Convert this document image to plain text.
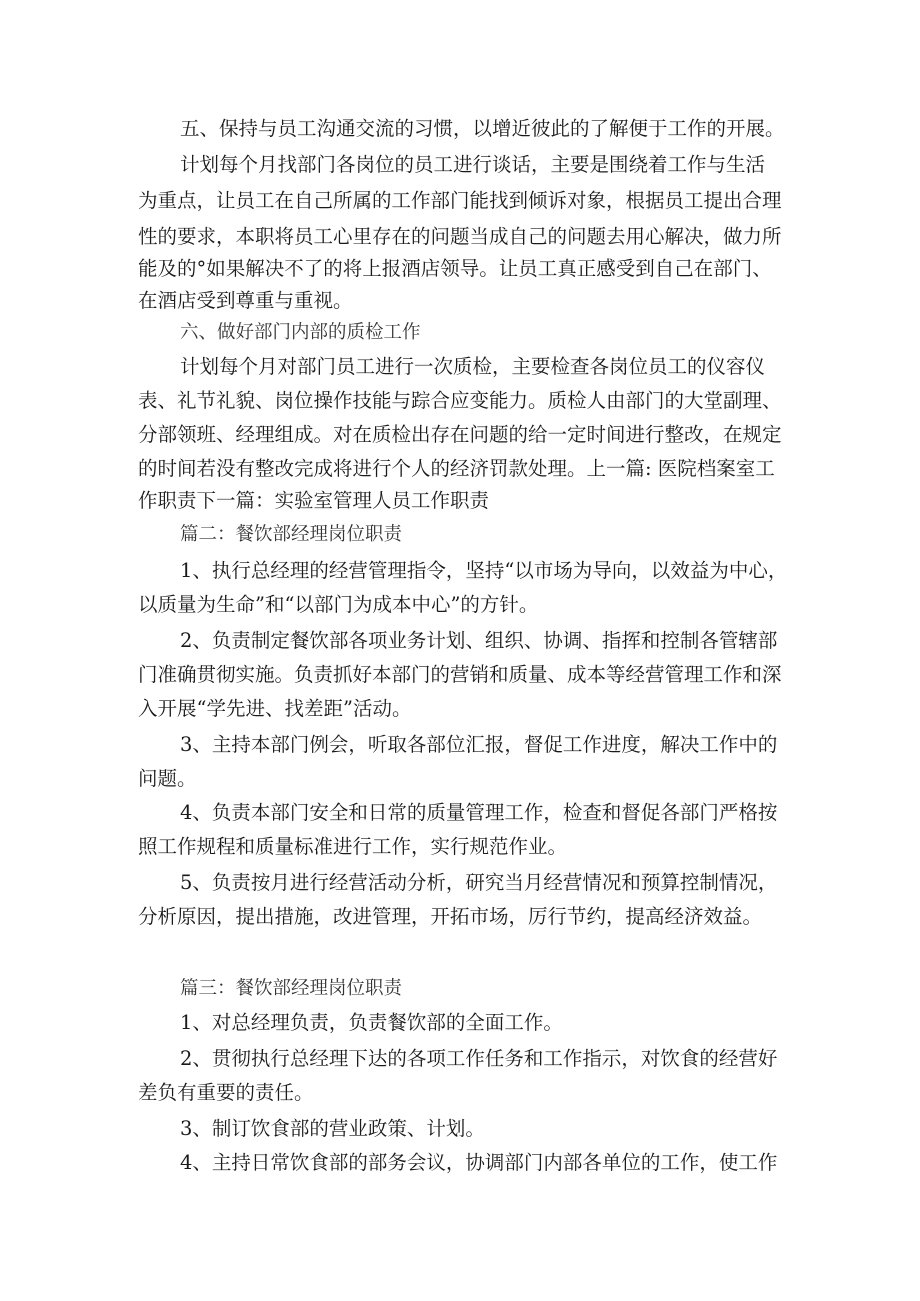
五、保持与员工沟通交流的习惯，以增近彼此的了解便于工作的开展。
计划每个月找部门各岗位的员工进行谈话，主要是围绕着工作与生活
为重点，让员工在自己所属的工作部门能找到倾诉对象，根据员工提出合理
性的要求，本职将员工心里存在的问题当成自己的问题去用心解决，做力所
能及的°如果解决不了的将上报酒店领导。让员工真正感受到自己在部门、
在酒店受到尊重与重视。
六、做好部门内部的质检工作
计划每个月对部门员工进行一次质检，主要检查各岗位员工的仪容仪
表、礼节礼貌、岗位操作技能与踪合应变能力。质检人由部门的大堂副理、
分部领班、经理组成。对在质检出存在问题的给一定时间进行整改，在规定
的时间若没有整改完成将进行个人的经济罚款处理。上一篇: 医院档案室工
作职责下一篇：实验室管理人员工作职责
篇二：餐饮部经理岗位职责
1、执行总经理的经营管理指令，坚持“以市场为导向，以效益为中心，
以质量为生命”和“以部门为成本中心”的方针。
2、负责制定餐饮部各项业务计划、组织、协调、指挥和控制各管辖部
门准确贯彻实施。负责抓好本部门的营销和质量、成本等经营管理工作和深
入开展“学先进、找差距”活动。
3、主持本部门例会，听取各部位汇报，督促工作进度，解决工作中的
问题。
4、负责本部门安全和日常的质量管理工作，检查和督促各部门严格按
照工作规程和质量标准进行工作，实行规范作业。
5、负责按月进行经营活动分析，研究当月经营情况和预算控制情况，
分析原因，提出措施，改进管理，开拓市场，厉行节约，提高经济效益。
篇三：餐饮部经理岗位职责
1、对总经理负责，负责餐饮部的全面工作。
2、贯彻执行总经理下达的各项工作任务和工作指示，对饮食的经营好
差负有重要的责任。
3、制订饮食部的营业政策、计划。
4、主持日常饮食部的部务会议，协调部门内部各单位的工作，使工作
